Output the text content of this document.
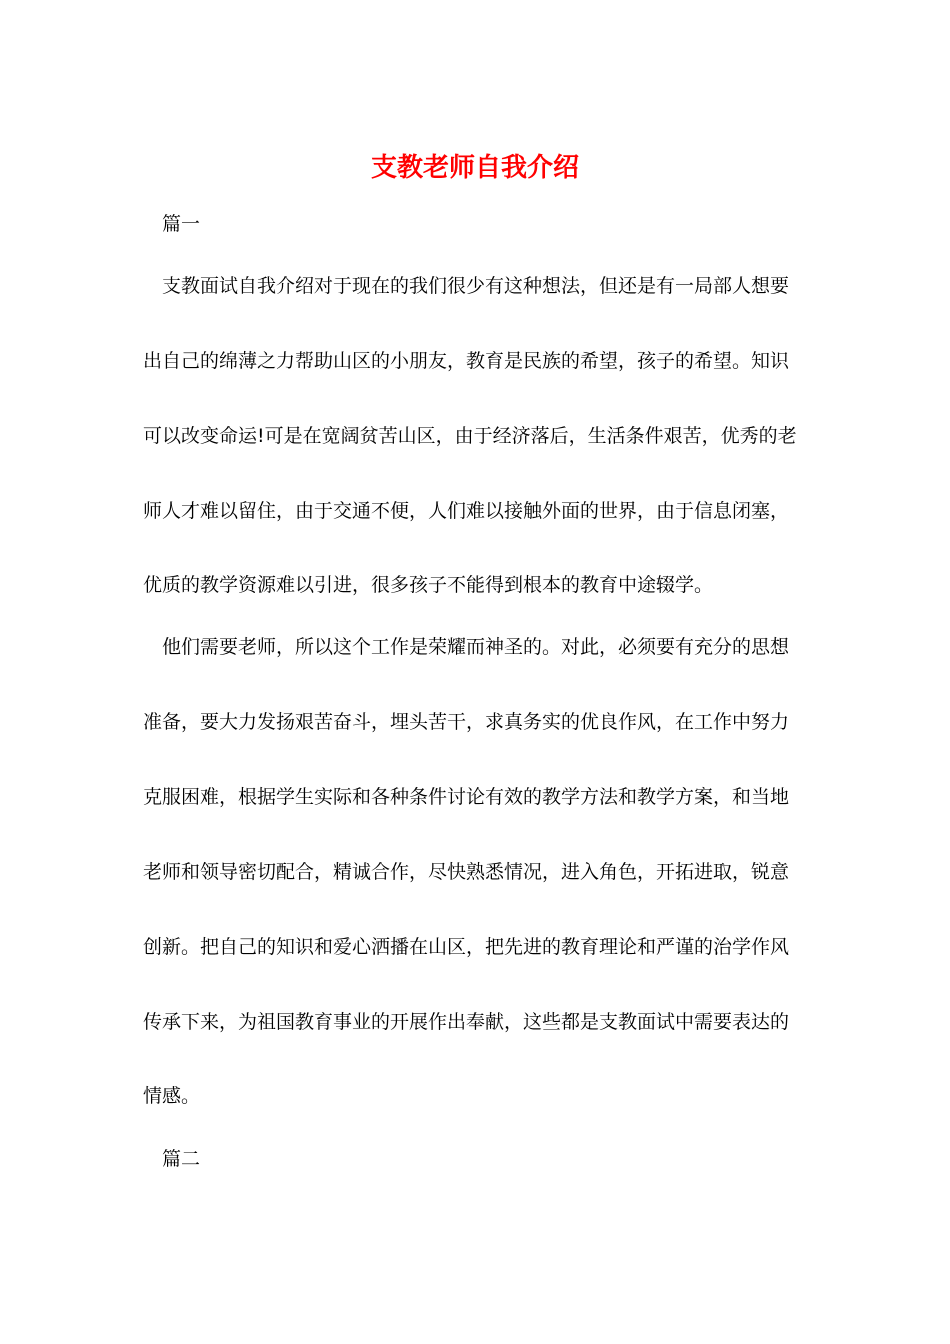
支教老师自我介绍
篇一
支教面试自我介绍对于现在的我们很少有这种想法，但还是有一局部人想要
出自己的绵薄之力帮助山区的小朋友，教育是民族的希望，孩子的希望。知识
可以改变命运!可是在宽阔贫苦山区，由于经济落后，生活条件艰苦，优秀的老
师人才难以留住，由于交通不便，人们难以接触外面的世界，由于信息闭塞，
优质的教学资源难以引进，很多孩子不能得到根本的教育中途辍学。
他们需要老师，所以这个工作是荣耀而神圣的。对此，必须要有充分的思想
准备，要大力发扬艰苦奋斗，埋头苦干，求真务实的优良作风，在工作中努力
克服困难，根据学生实际和各种条件讨论有效的教学方法和教学方案，和当地
老师和领导密切配合，精诚合作，尽快熟悉情况，进入角色，开拓进取，锐意
创新。把自己的知识和爱心洒播在山区，把先进的教育理论和严谨的治学作风
传承下来，为祖国教育事业的开展作出奉献，这些都是支教面试中需要表达的
情感。
篇二
